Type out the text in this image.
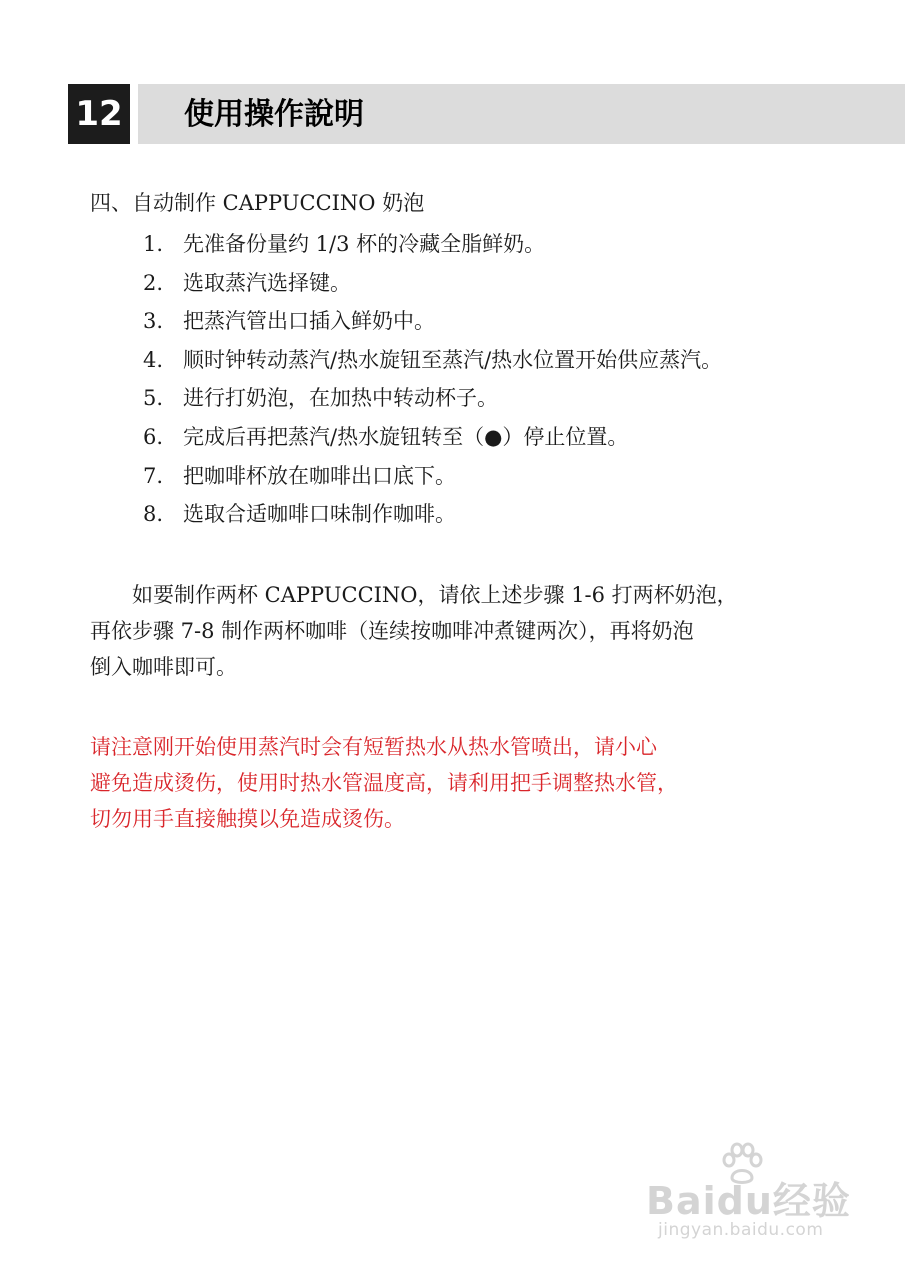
12 使用操作說明
四、自动制作 CAPPUCCINO 奶泡
1. 先准备份量约 1/3 杯的冷藏全脂鲜奶。
2. 选取蒸汽选择键。
3. 把蒸汽管出口插入鲜奶中。
4. 顺时钟转动蒸汽/热水旋钮至蒸汽/热水位置开始供应蒸汽。
5. 进行打奶泡，在加热中转动杯子。
6. 完成后再把蒸汽/热水旋钮转至（●）停止位置。
7. 把咖啡杯放在咖啡出口底下。
8. 选取合适咖啡口味制作咖啡。

　　如要制作两杯 CAPPUCCINO，请依上述步骤 1-6 打两杯奶泡，
再依步骤 7-8 制作两杯咖啡（连续按咖啡冲煮键两次），再将奶泡
倒入咖啡即可。

请注意刚开始使用蒸汽时会有短暂热水从热水管喷出，请小心
避免造成烫伤，使用时热水管温度高，请利用把手调整热水管，
切勿用手直接触摸以免造成烫伤。

Baidu经验
jingyan.baidu.com
